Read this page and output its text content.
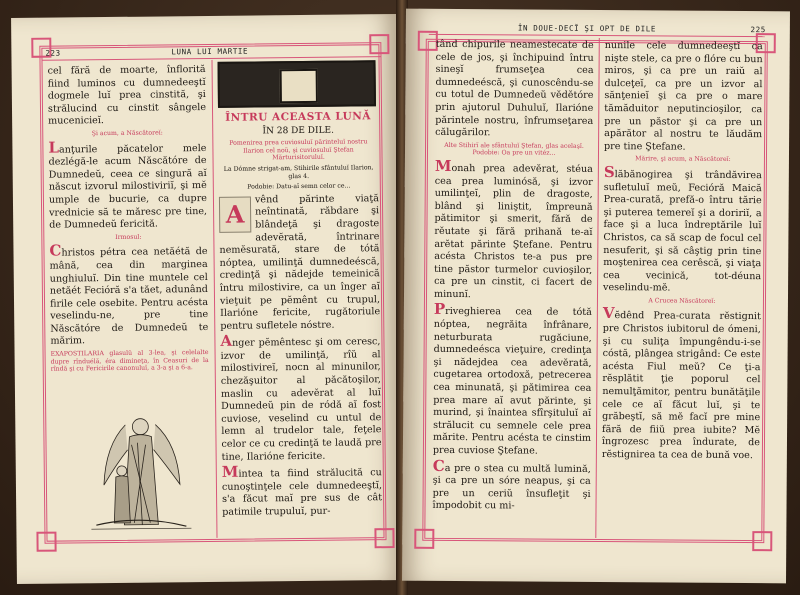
223	LUNA LUI MARTIE

cel fără de moarte, înflorită fiind luminos cu dumnedeeştĭ dogmele luĭ prea cinstită, şi strălucind cu cinstit sângele mucenicieĭ.

Şi acum, a Născătoreĭ:

Lanţurile păcatelor mele dezlégă-le acum Născătóre de Dumnedeŭ, ceea ce singură aĭ născut izvorul milostiviriĭ, şi mĕ umple de bucurie, ca dupre vrednicie să te măresc pre tine, de Dumnedeŭ fericită.

Irmosul:

Christos pétra cea netăétă de mână, cea din marginea unghiuluĭ. Din tine muntele cel netăét Fecióră s'a tăet, adunând firile cele osebite. Pentru acésta veselindu-ne, pre tine Născătóre de Dumnedeŭ te mărim.

EXAPOSTILARIA glasulŭ al 3-lea, şi celelalte dupre rînduélă, éra dimineţa, în Ceasuri de la rîndă şi cu Fericirile canonuluĭ, a 3-a şi a 6-a.
ÎNTRU ACEASTA LUNĂ
ÎN 28 DE DILE.
Pomenirea prea cuviosuluĭ părinteluĭ nostru Ilarion cel noŭ, şi cuviosuluĭ Ştefan Mărturisitoruluĭ.
La Dómne strigat-am, Stihirile sfântuluĭ Ilarion, glas 4.
Podobie: Datu-aĭ semn celor ce...

A
vênd părinte viaţă neîntinată, răbdare şi blândeţă şi dragoste adevĕrată, întrinare nemĕsurată, stare de tótă nóptea, umilinţă dumnedeéscă, credinţă şi nădejde temeinică întru milostivire, ca un înger aĭ vieţuit pe pĕmênt cu trupul, Ilarióne fericite, rugătoriule pentru sufletele nóstre.

Anger pĕmêntesc şi om ceresc, izvor de umilinţă, rîŭ al milostivireĭ, nocn al minunilor, chezăşuitor al păcătoşilor, maslin cu adevĕrat al luĭ Dumnedeŭ pin de ródă aĭ fost cuviose, veselind cu untul de lemn al trudelor tale, feţele celor ce cu credinţă te laudă pre tine, Ilarióne fericite.

Mintea ta fiind strălucită cu cunoştinţele cele dumnedeeştĭ, s'a făcut maĭ pre sus de cât patimile trupuluĭ, pur-

ÎN DOUE-DECĬ ŞI OPT DE DILE	225

tând chipurile neamestecate de cele de jos, şi închipuind întru sineşĭ frumseţea cea dumnedeéscă, şi cunoscêndu-se cu totul de Dumnedeŭ vĕdĕtóre prin ajutorul Duhuluĭ, Ilarióne părintele nostru, înfrumseţarea călugărilor.

Alte Stihirĭ ale sfântuluĭ Ştefan, glas acelaşĭ. Podobie: Oa pre un vitéz...

Monah prea adevĕrat, stéua cea prea luminósă, şi izvor umilinţeĭ, plin de dragoste, blând şi liniştit, împreună pătimitor şi smerit, fără de rĕutate şi fără prihană te-aĭ arĕtat părinte Ştefane. Pentru acésta Christos te-a pus pre tine păstor turmelor cuvioşilor, ca pre un cinstit, ci facert de minunĭ.

Priveghierea cea de tótă nóptea, negrăita înfrânare, neturburata rugăciune, dumnedeésca vieţuire, credinţa şi nădejdea cea adevĕrată, cugetarea ortodoxă, petrecerea cea minunată, şi pătimirea cea prea mare aĭ avut părinte, şi murind, şi înaintea sfîrşituluĭ aĭ strălucit cu semnele cele prea mărite. Pentru acésta te cinstim prea cuviose Ştefane.

Ca pre o stea cu multă lumină, şi ca pre un sóre neapus, şi ca pre un ceriŭ însufleţit şi împodobit cu mi-

nunile cele dumnedeeştĭ ca nişte stele, ca pre o flóre cu bun miros, şi ca pre un raiŭ al dulceţeĭ, ca pre un izvor al sănţenieĭ şi ca pre o mare tămăduitor neputincioşilor, ca pre un păstor şi ca pre un apărător al nostru te lăudăm pre tine Ştefane.

Mărire, şi acum, a Născătoreĭ:

Slăbănogirea şi trândăvirea sufletuluĭ meŭ, Fecióră Maică Prea-curată, prefă-o întru tărie şi puterea temereĭ şi a doririĭ, a face şi a luca îndreptările luĭ Christos, ca să scap de focul cel nesuferit, şi să câştig prin tine moştenirea cea cerêscă, şi viaţa cea vecinică, tot-déuna veselindu-mĕ.

A Crucea Născătoreĭ:

Vĕdênd Prea-curata rĕstignit pre Christos iubitorul de ómeni, şi cu suliţa împungêndu-i-se cóstă, plângea strigând: Ce este acésta Fiul meŭ? Ce ţi-a rĕsplătit ţie poporul cel nemulţămitor, pentru bunătăţile cele ce aĭ făcut luĭ, şi te grăbeştĭ, să mĕ facĭ pre mine fără de fiiŭ prea iubite? Mĕ îngrozesc prea îndurate, de rĕstignirea ta cea de bună voe.
